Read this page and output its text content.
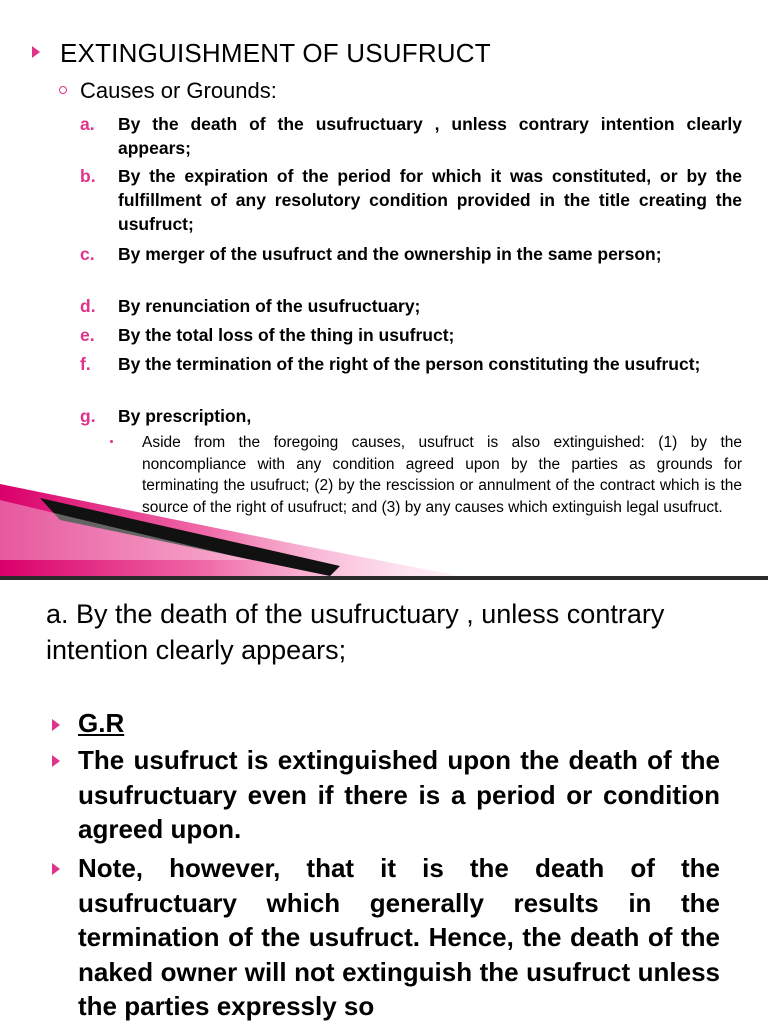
EXTINGUISHMENT OF USUFRUCT
Causes or Grounds:
a. By the death of the usufructuary , unless contrary intention clearly appears;
b. By the expiration of the period for which it was constituted, or by the fulfillment of any resolutory condition provided in the title creating the usufruct;
c. By merger of the usufruct and the ownership in the same person;
d. By renunciation of the usufructuary;
e. By the total loss of the thing in usufruct;
f. By the termination of the right of the person constituting the usufruct;
g. By prescription,
Aside from the foregoing causes, usufruct is also extinguished: (1) by the noncompliance with any condition agreed upon by the parties as grounds for terminating the usufruct; (2) by the rescission or annulment of the contract which is the source of the right of usufruct; and (3) by any causes which extinguish legal usufruct.
a. By the death of the usufructuary , unless contrary intention clearly appears;
G.R
The usufruct is extinguished upon the death of the usufructuary even if there is a period or condition agreed upon.
Note, however, that it is the death of the usufructuary which generally results in the termination of the usufruct. Hence, the death of the naked owner will not extinguish the usufruct unless the parties expressly so
